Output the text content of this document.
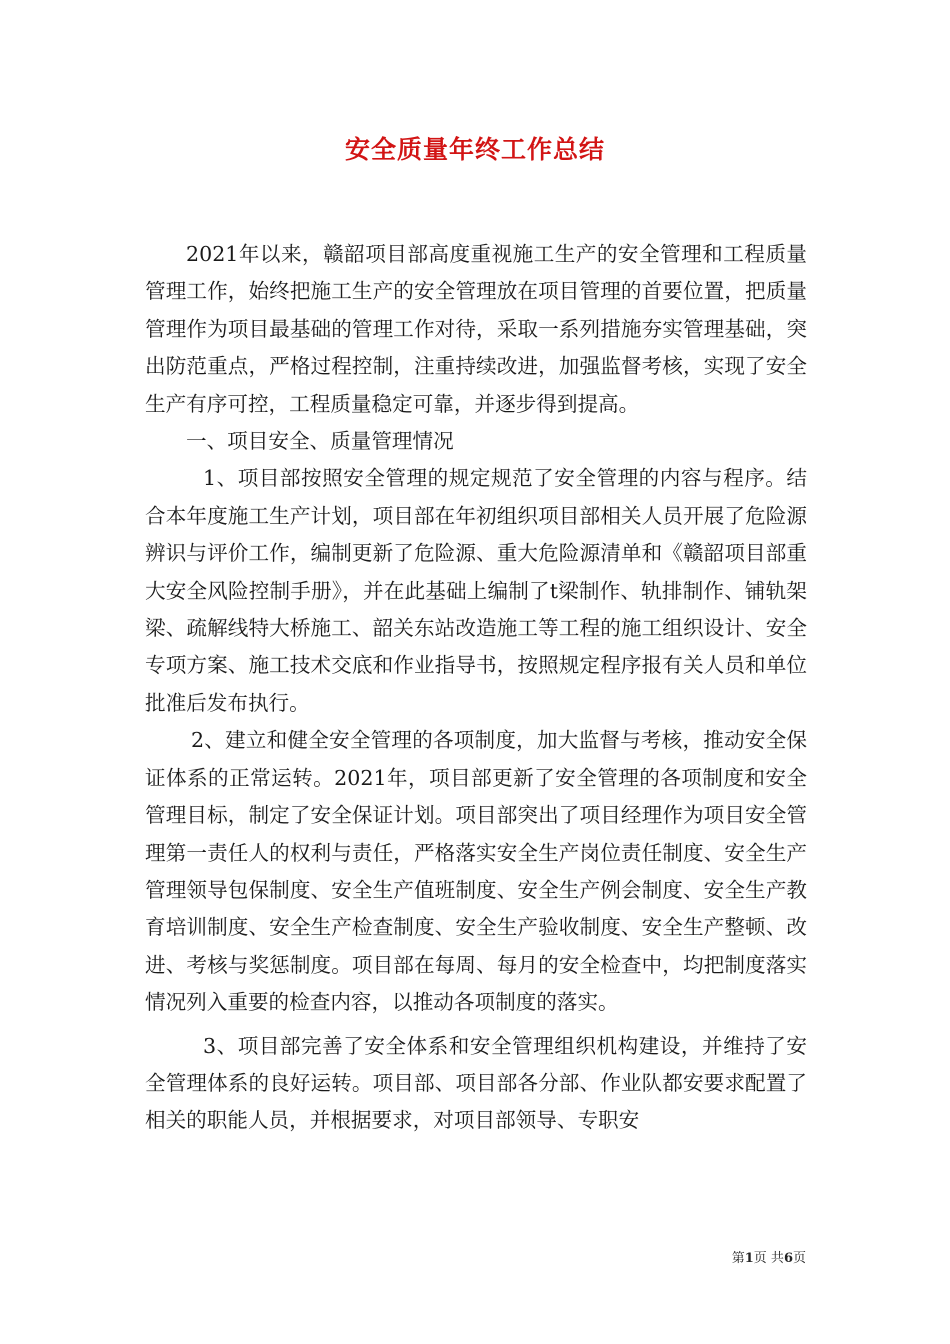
安全质量年终工作总结

2021年以来，赣韶项目部高度重视施工生产的安全管理和工程质量管理工作，始终把施工生产的安全管理放在项目管理的首要位置，把质量管理作为项目最基础的管理工作对待，采取一系列措施夯实管理基础，突出防范重点，严格过程控制，注重持续改进，加强监督考核，实现了安全生产有序可控，工程质量稳定可靠，并逐步得到提高。

一、项目安全、质量管理情况

1、项目部按照安全管理的规定规范了安全管理的内容与程序。结合本年度施工生产计划，项目部在年初组织项目部相关人员开展了危险源辨识与评价工作，编制更新了危险源、重大危险源清单和《赣韶项目部重大安全风险控制手册》，并在此基础上编制了t梁制作、轨排制作、铺轨架梁、疏解线特大桥施工、韶关东站改造施工等工程的施工组织设计、安全专项方案、施工技术交底和作业指导书，按照规定程序报有关人员和单位批准后发布执行。

2、建立和健全安全管理的各项制度，加大监督与考核，推动安全保证体系的正常运转。2021年，项目部更新了安全管理的各项制度和安全管理目标，制定了安全保证计划。项目部突出了项目经理作为项目安全管理第一责任人的权利与责任，严格落实安全生产岗位责任制度、安全生产管理领导包保制度、安全生产值班制度、安全生产例会制度、安全生产教育培训制度、安全生产检查制度、安全生产验收制度、安全生产整顿、改进、考核与奖惩制度。项目部在每周、每月的安全检查中，均把制度落实情况列入重要的检查内容，以推动各项制度的落实。

3、项目部完善了安全体系和安全管理组织机构建设，并维持了安全管理体系的良好运转。项目部、项目部各分部、作业队都安要求配置了相关的职能人员，并根据要求，对项目部领导、专职安

第1页 共6页
